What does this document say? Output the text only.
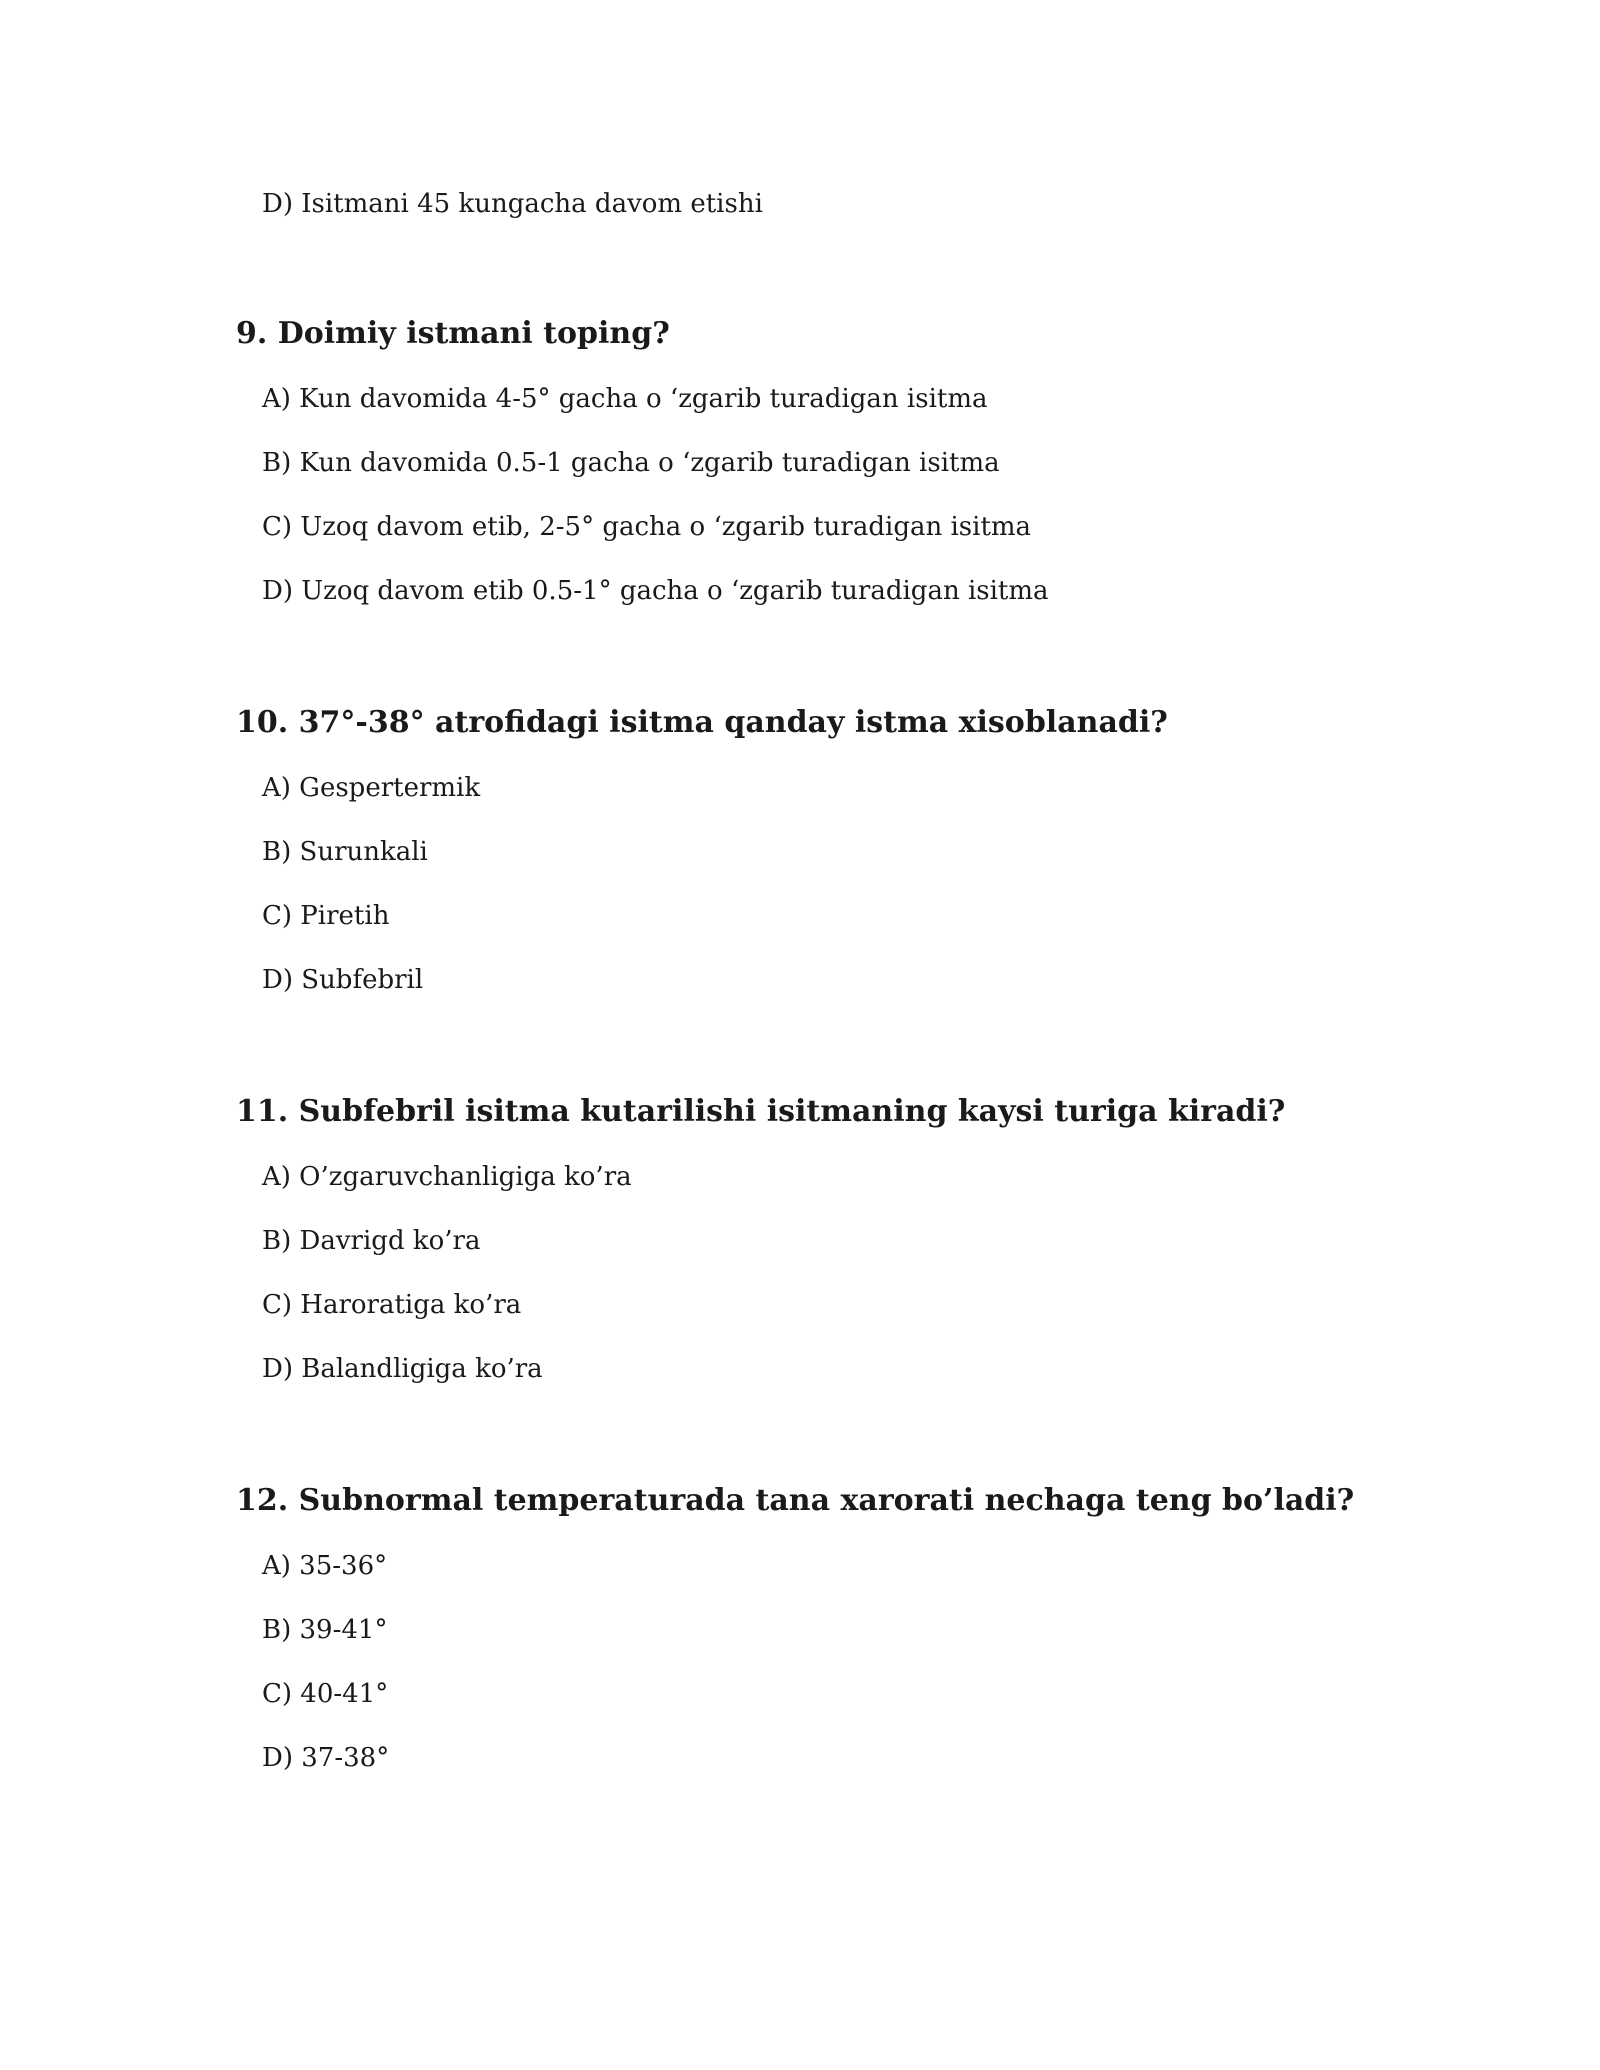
D) Isitmani 45 kungacha davom etishi
9. Doimiy istmani toping?
A) Kun davomida 4-5° gacha o ‘zgarib turadigan isitma
B) Kun davomida 0.5-1 gacha o ‘zgarib turadigan isitma
C) Uzoq davom etib, 2-5° gacha o ‘zgarib turadigan isitma
D) Uzoq davom etib 0.5-1° gacha o ‘zgarib turadigan isitma
10. 37°-38° atrofidagi isitma qanday istma xisoblanadi?
A) Gespertermik
B) Surunkali
C) Piretih
D) Subfebril
11. Subfebril isitma kutarilishi isitmaning kaysi turiga kiradi?
A) O’zgaruvchanligiga ko’ra
B) Davrigd ko’ra
C) Haroratiga ko’ra
D) Balandligiga ko’ra
12. Subnormal temperaturada tana xarorati nechaga teng bo’ladi?
A) 35-36°
B) 39-41°
C) 40-41°
D) 37-38°
